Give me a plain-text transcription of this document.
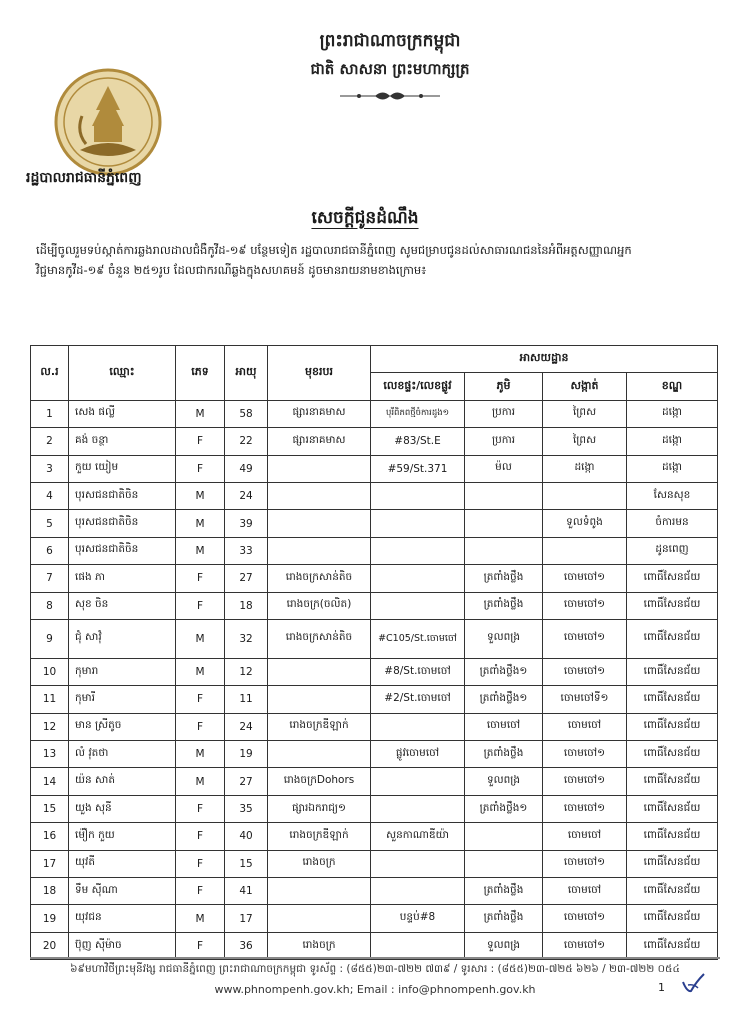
ព្រះរាជាណាចក្រកម្ពុជា
ជាតិ សាសនា ព្រះមហាក្សត្រ
រដ្ឋបាលរាជធានីភ្នំពេញ
សេចក្តីជូនដំណឹង
ដើម្បីចូលរួមទប់ស្កាត់ការឆ្លងរាលដាលជំងឺកូវីដ-១៩ បន្ថែមទៀត រដ្ឋបាលរាជធានីភ្នំពេញ សូមជម្រាបជូនដល់សាធារណជននៃអំពីអត្តសញ្ញាណអ្នកវិជ្ជមានកូវីដ-១៩ ចំនួន ២៥១រូប ដែលជាករណីឆ្លងក្នុងសហគមន៍ ដូចមានរាយនាមខាងក្រោម៖
ល.រ	ឈ្មោះ	ភេទ	អាយុ	មុខរបរ	អាសយដ្ឋាន			
					លេខផ្ទះ/លេខផ្លូវ	ភូមិ	សង្កាត់	ខណ្ឌ
1	សេង ផល្លី	M	58	ផ្សារនាគមាស	បុរីពិភពថ្មីចំការដូង១	ប្រការ	ព្រៃស	ដង្កោ
2	គង់ ចន្ថា	F	22	ផ្សារនាគមាស	#83/St.E	ប្រការ	ព្រៃស	ដង្កោ
3	កួយ យៀម	F	49		#59/St.371	ម៉ល	ដង្កោ	ដង្កោ
4	បុរសជនជាតិចិន	M	24					សែនសុខ
5	បុរសជនជាតិចិន	M	39				ទួលទំពូង	ចំការមន
6	បុរសជនជាតិចិន	M	33					ដូនពេញ
7	ផេង ភា	F	27	រោងចក្រសាន់តិច		ត្រពាំងថ្លឹង	ចោមចៅ១	ពោធិ៍សែនជ័យ
8	សុខ ចិន	F	18	រោងចក្រ(ចលិត)		ត្រពាំងថ្លឹង	ចោមចៅ១	ពោធិ៍សែនជ័យ
9	ជុំ សាវុំ	M	32	រោងចក្រសាន់តិច	#C105/St.ចោមចៅ	ទួលពង្រ	ចោមចៅ១	ពោធិ៍សែនជ័យ
10	កុមារា	M	12		#8/St.ចោមចៅ	ត្រពាំងថ្លឹង១	ចោមចៅ១	ពោធិ៍សែនជ័យ
11	កុមារី	F	11		#2/St.ចោមចៅ	ត្រពាំងថ្លឹង១	ចោមចៅទី១	ពោធិ៍សែនជ័យ
12	មាន ស្រីតូច	F	24	រោងចក្រឌីឡាក់		ចោមចៅ	ចោមចៅ	ពោធិ៍សែនជ័យ
13	លំ វុតថា	M	19		ផ្លូវចោមចៅ	ត្រពាំងថ្លឹង	ចោមចៅ១	ពោធិ៍សែនជ័យ
14	យ៉ន សាត់	M	27	រោងចក្រDohors		ទួលពង្រ	ចោមចៅ១	ពោធិ៍សែនជ័យ
15	យួង សុនី	F	35	ផ្សារឯករាជ្យ១		ត្រពាំងថ្លឹង១	ចោមចៅ១	ពោធិ៍សែនជ័យ
16	ម៉ឿក កួយ	F	40	រោងចក្រឌីឡាក់	សួនកាណាឌីយ៉ា		ចោមចៅ	ពោធិ៍សែនជ័យ
17	យុវតី	F	15	រោងចក្រ			ចោមចៅ១	ពោធិ៍សែនជ័យ
18	ទឹម ស៊ីណា	F	41			ត្រពាំងថ្លឹង	ចោមចៅ	ពោធិ៍សែនជ័យ
19	យុវជន	M	17		បន្ទប់#8	ត្រពាំងថ្លឹង	ចោមចៅ១	ពោធិ៍សែនជ័យ
20	ប៊ុញ ស៊ីម៉ាច	F	36	រោងចក្រ		ទួលពង្រ	ចោមចៅ១	ពោធិ៍សែនជ័យ
៦៩មហាវិថីព្រះមុនីវង្ស រាជធានីភ្នំពេញ ព្រះរាជាណាចក្រកម្ពុជា ទូរស័ព្ទ : (៨៥៥)២៣-៧២២ ៧៣៩ / ទូរសារ : (៨៥៥)២៣-៧២៥ ៦២៦ / ២៣-៧២២ ០៥៤
www.phnompenh.gov.kh; Email : info@phnompenh.gov.kh	1
